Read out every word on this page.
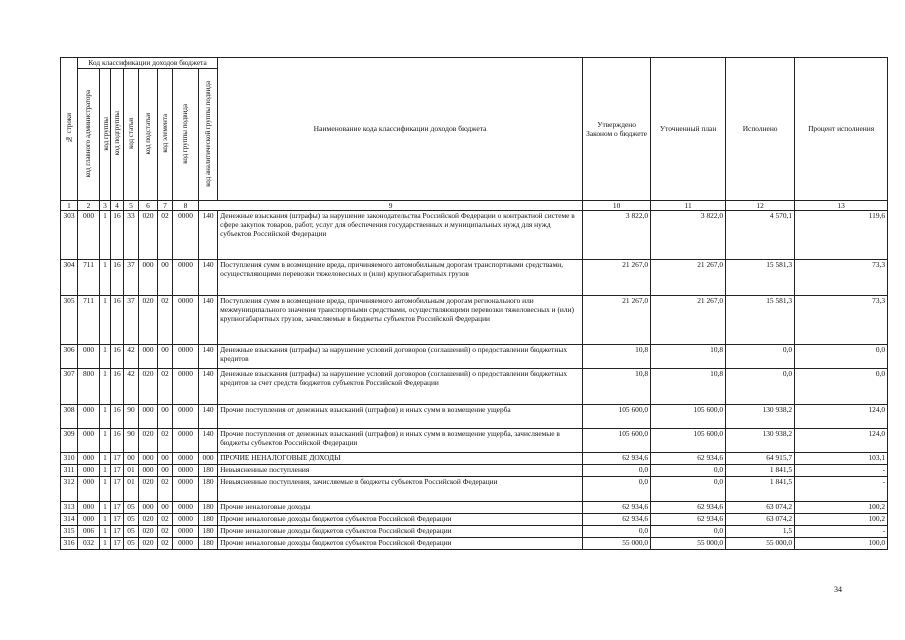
№ строки	Код классификации доходов бюджета								Наименование кода классификации доходов бюджета	Утверждено Законом о бюджете	Уточненный план	Исполнено	Процент исполнения
	код главного администратора	код группы	код подгруппы	код статьи	код подстатьи	код элемента	код группы подвида	код аналитической группы подвида					
1	2	3	4	5	6	7	8	9		10	11	12	13
303	000	1	16	33	020	02	0000	140	Денежные взыскания (штрафы) за нарушение законодательства Российской Федерации о контрактной системе в сфере закупок товаров, работ, услуг для обеспечения государственных и муниципальных нужд для нужд субъектов Российской Федерации	3 822,0	3 822,0	4 570,1	119,6
304	711	1	16	37	000	00	0000	140	Поступления сумм в возмещение вреда, причиняемого автомобильным дорогам транспортными средствами, осуществляющими перевозки тяжеловесных и (или) крупногабаритных грузов	21 267,0	21 267,0	15 581,3	73,3
305	711	1	16	37	020	02	0000	140	Поступления сумм в возмещение вреда, причиняемого автомобильным дорогам регионального или межмуниципального значения транспортными средствами, осуществляющими перевозки тяжеловесных и (или) крупногабаритных грузов, зачисляемые в бюджеты субъектов Российской Федерации	21 267,0	21 267,0	15 581,3	73,3
306	000	1	16	42	000	00	0000	140	Денежные взыскания (штрафы) за нарушение условий договоров (соглашений) о предоставлении бюджетных кредитов	10,8	10,8	0,0	0,0
307	800	1	16	42	020	02	0000	140	Денежные взыскания (штрафы) за нарушение условий договоров (соглашений) о предоставлении бюджетных кредитов за счет средств бюджетов субъектов Российской Федерации	10,8	10,8	0,0	0,0
308	000	1	16	90	000	00	0000	140	Прочие поступления от денежных взысканий (штрафов) и иных сумм в возмещение ущерба	105 600,0	105 600,0	130 938,2	124,0
309	000	1	16	90	020	02	0000	140	Прочие поступления от денежных взысканий (штрафов) и иных сумм в возмещение ущерба, зачисляемые в бюджеты субъектов Российской Федерации	105 600,0	105 600,0	130 938,2	124,0
310	000	1	17	00	000	00	0000	000	ПРОЧИЕ НЕНАЛОГОВЫЕ ДОХОДЫ	62 934,6	62 934,6	64 915,7	103,1
311	000	1	17	01	000	00	0000	180	Невыясненные поступления	0,0	0,0	1 841,5	-
312	000	1	17	01	020	02	0000	180	Невыясненные поступления, зачисляемые в бюджеты субъектов Российской Федерации	0,0	0,0	1 841,5	-
313	000	1	17	05	000	00	0000	180	Прочие неналоговые доходы	62 934,6	62 934,6	63 074,2	100,2
314	000	1	17	05	020	02	0000	180	Прочие неналоговые доходы бюджетов субъектов Российской Федерации	62 934,6	62 934,6	63 074,2	100,2
315	006	1	17	05	020	02	0000	180	Прочие неналоговые доходы бюджетов субъектов Российской Федерации	0,0	0,0	1,5	-
316	032	1	17	05	020	02	0000	180	Прочие неналоговые доходы бюджетов субъектов Российской Федерации	55 000,0	55 000,0	55 000,0	100,0
34
